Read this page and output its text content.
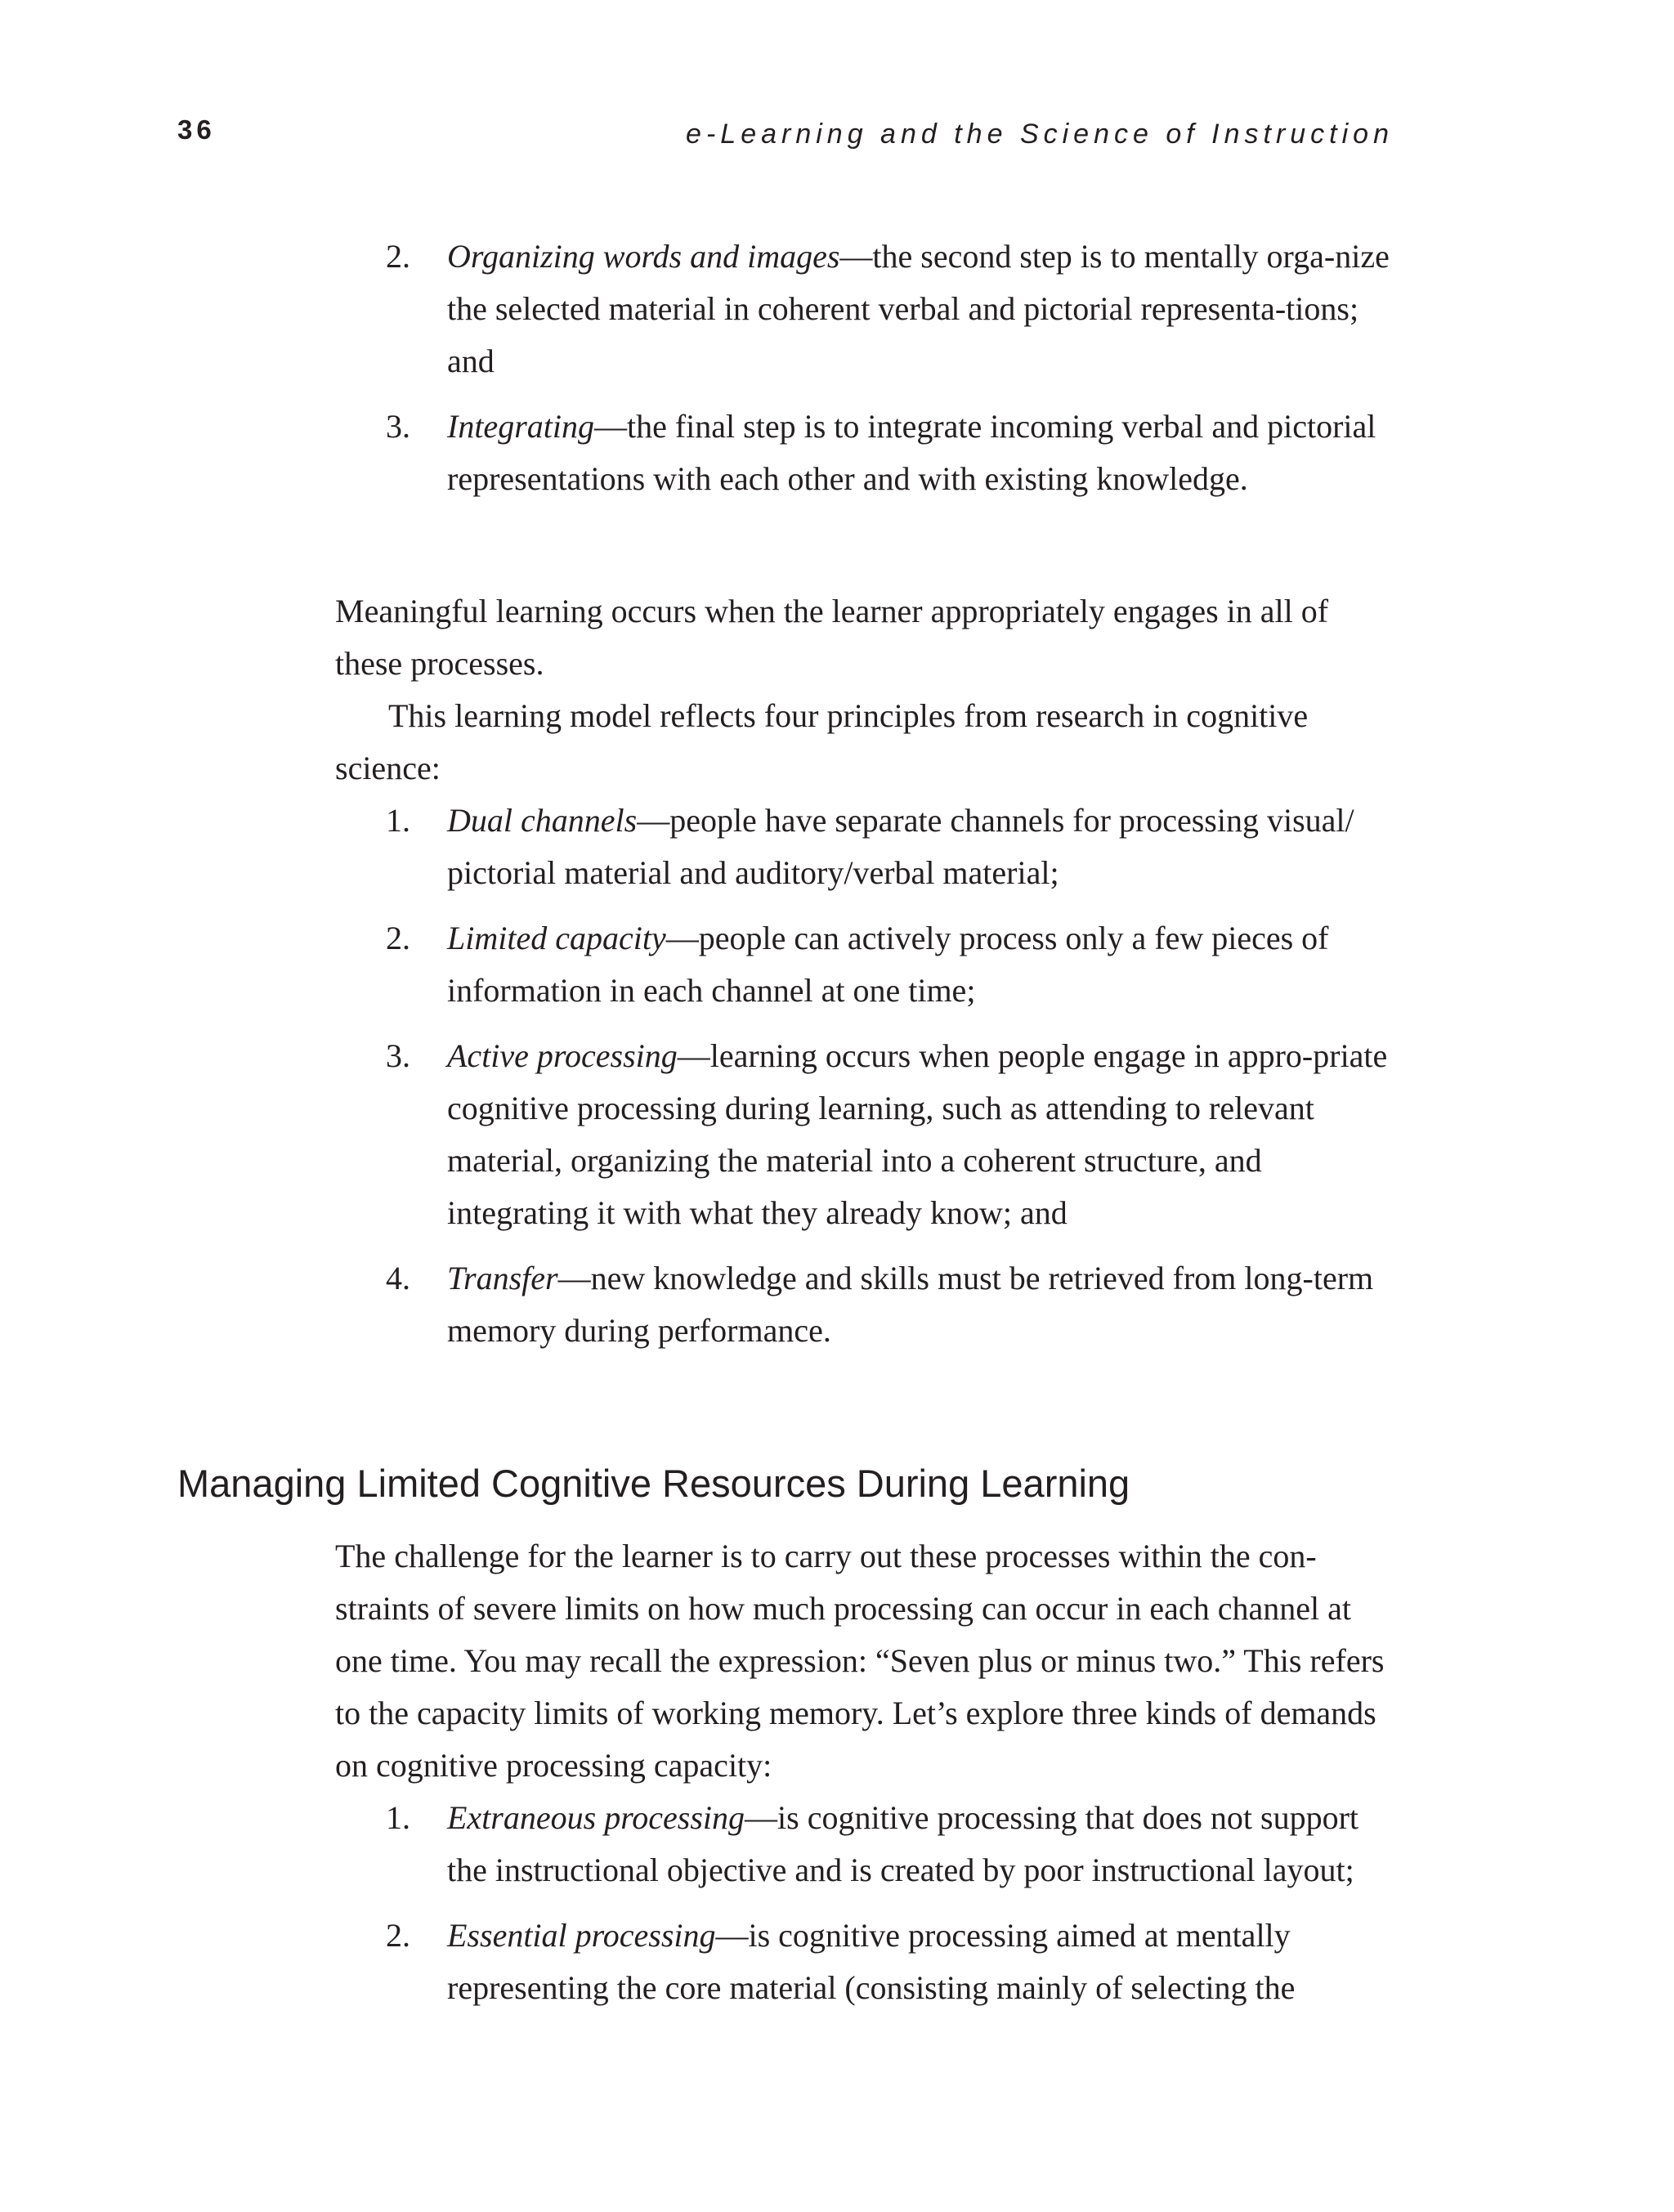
36	e-Learning and the Science of Instruction
2. Organizing words and images—the second step is to mentally orga-nize the selected material in coherent verbal and pictorial representa-tions; and
3. Integrating—the final step is to integrate incoming verbal and pictorial representations with each other and with existing knowledge.

Meaningful learning occurs when the learner appropriately engages in all of these processes.

This learning model reflects four principles from research in cognitive science:

1. Dual channels—people have separate channels for processing visual/ pictorial material and auditory/verbal material;
2. Limited capacity—people can actively process only a few pieces of information in each channel at one time;
3. Active processing—learning occurs when people engage in appro-priate cognitive processing during learning, such as attending to relevant material, organizing the material into a coherent structure, and integrating it with what they already know; and
4. Transfer—new knowledge and skills must be retrieved from long-term memory during performance.
Managing Limited Cognitive Resources During Learning

The challenge for the learner is to carry out these processes within the con-straints of severe limits on how much processing can occur in each channel at one time. You may recall the expression: “Seven plus or minus two.” This refers to the capacity limits of working memory. Let’s explore three kinds of demands on cognitive processing capacity:

1. Extraneous processing—is cognitive processing that does not support the instructional objective and is created by poor instructional layout;
2. Essential processing—is cognitive processing aimed at mentally representing the core material (consisting mainly of selecting the
